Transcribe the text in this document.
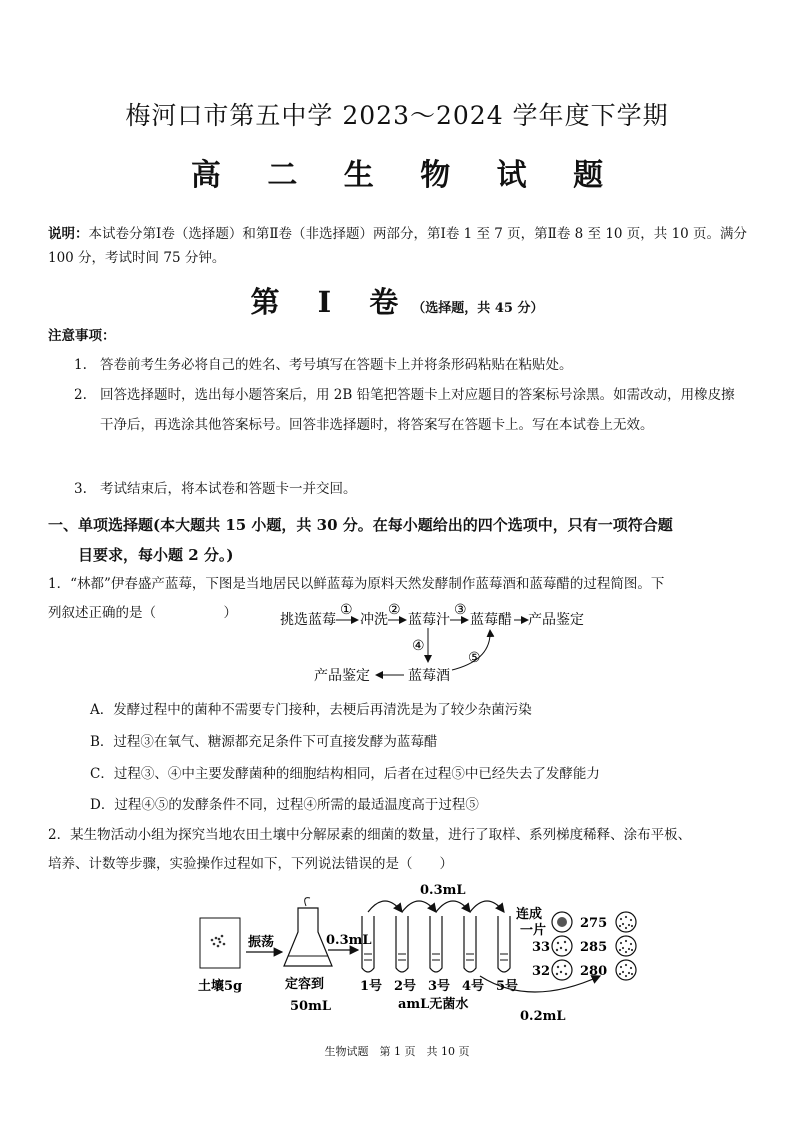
梅河口市第五中学 2023～2024 学年度下学期
高 二 生 物 试 题
说明：本试卷分第Ⅰ卷（选择题）和第Ⅱ卷（非选择题）两部分，第Ⅰ卷 1 至 7 页，第Ⅱ卷 8 至 10 页，共 10 页。满分 100 分，考试时间 75 分钟。
第 Ⅰ 卷（选择题，共 45 分）
注意事项：
1. 答卷前考生务必将自己的姓名、考号填写在答题卡上并将条形码粘贴在粘贴处。
2. 回答选择题时，选出每小题答案后，用 2B 铅笔把答题卡上对应题目的答案标号涂黑。如需改动，用橡皮擦干净后，再选涂其他答案标号。回答非选择题时，将答案写在答题卡上。写在本试卷上无效。
3. 考试结束后，将本试卷和答题卡一并交回。
一、单项选择题(本大题共 15 小题，共 30 分。在每小题给出的四个选项中，只有一项符合题
目要求，每小题 2 分。)
1．“林都”伊春盛产蓝莓，下图是当地居民以鲜蓝莓为原料天然发酵制作蓝莓酒和蓝莓醋的过程简图。下
列叙述正确的是（　　　　　）	挑选蓝莓
①
冲洗
②
蓝莓汁
③
蓝莓醋 产品鉴定
④
蓝莓酒
产品鉴定
⑤
A．发酵过程中的菌种不需要专门接种，去梗后再清洗是为了较少杂菌污染
B．过程③在氧气、糖源都充足条件下可直接发酵为蓝莓醋
C．过程③、④中主要发酵菌种的细胞结构相同，后者在过程⑤中已经失去了发酵能力
D．过程④⑤的发酵条件不同，过程④所需的最适温度高于过程⑤
2．某生物活动小组为探究当地农田土壤中分解尿素的细菌的数量，进行了取样、系列梯度稀释、涂布平板、
培养、计数等步骤，实验操作过程如下，下列说法错误的是（　　）
土壤5g
振荡
定容到
50mL
0.3mL
0.3mL
1号 2号 3号 4号 5号
amL无菌水
0.2mL
连成
一片
33
32
275
285
280
生物试题　第 1 页　共 10 页
